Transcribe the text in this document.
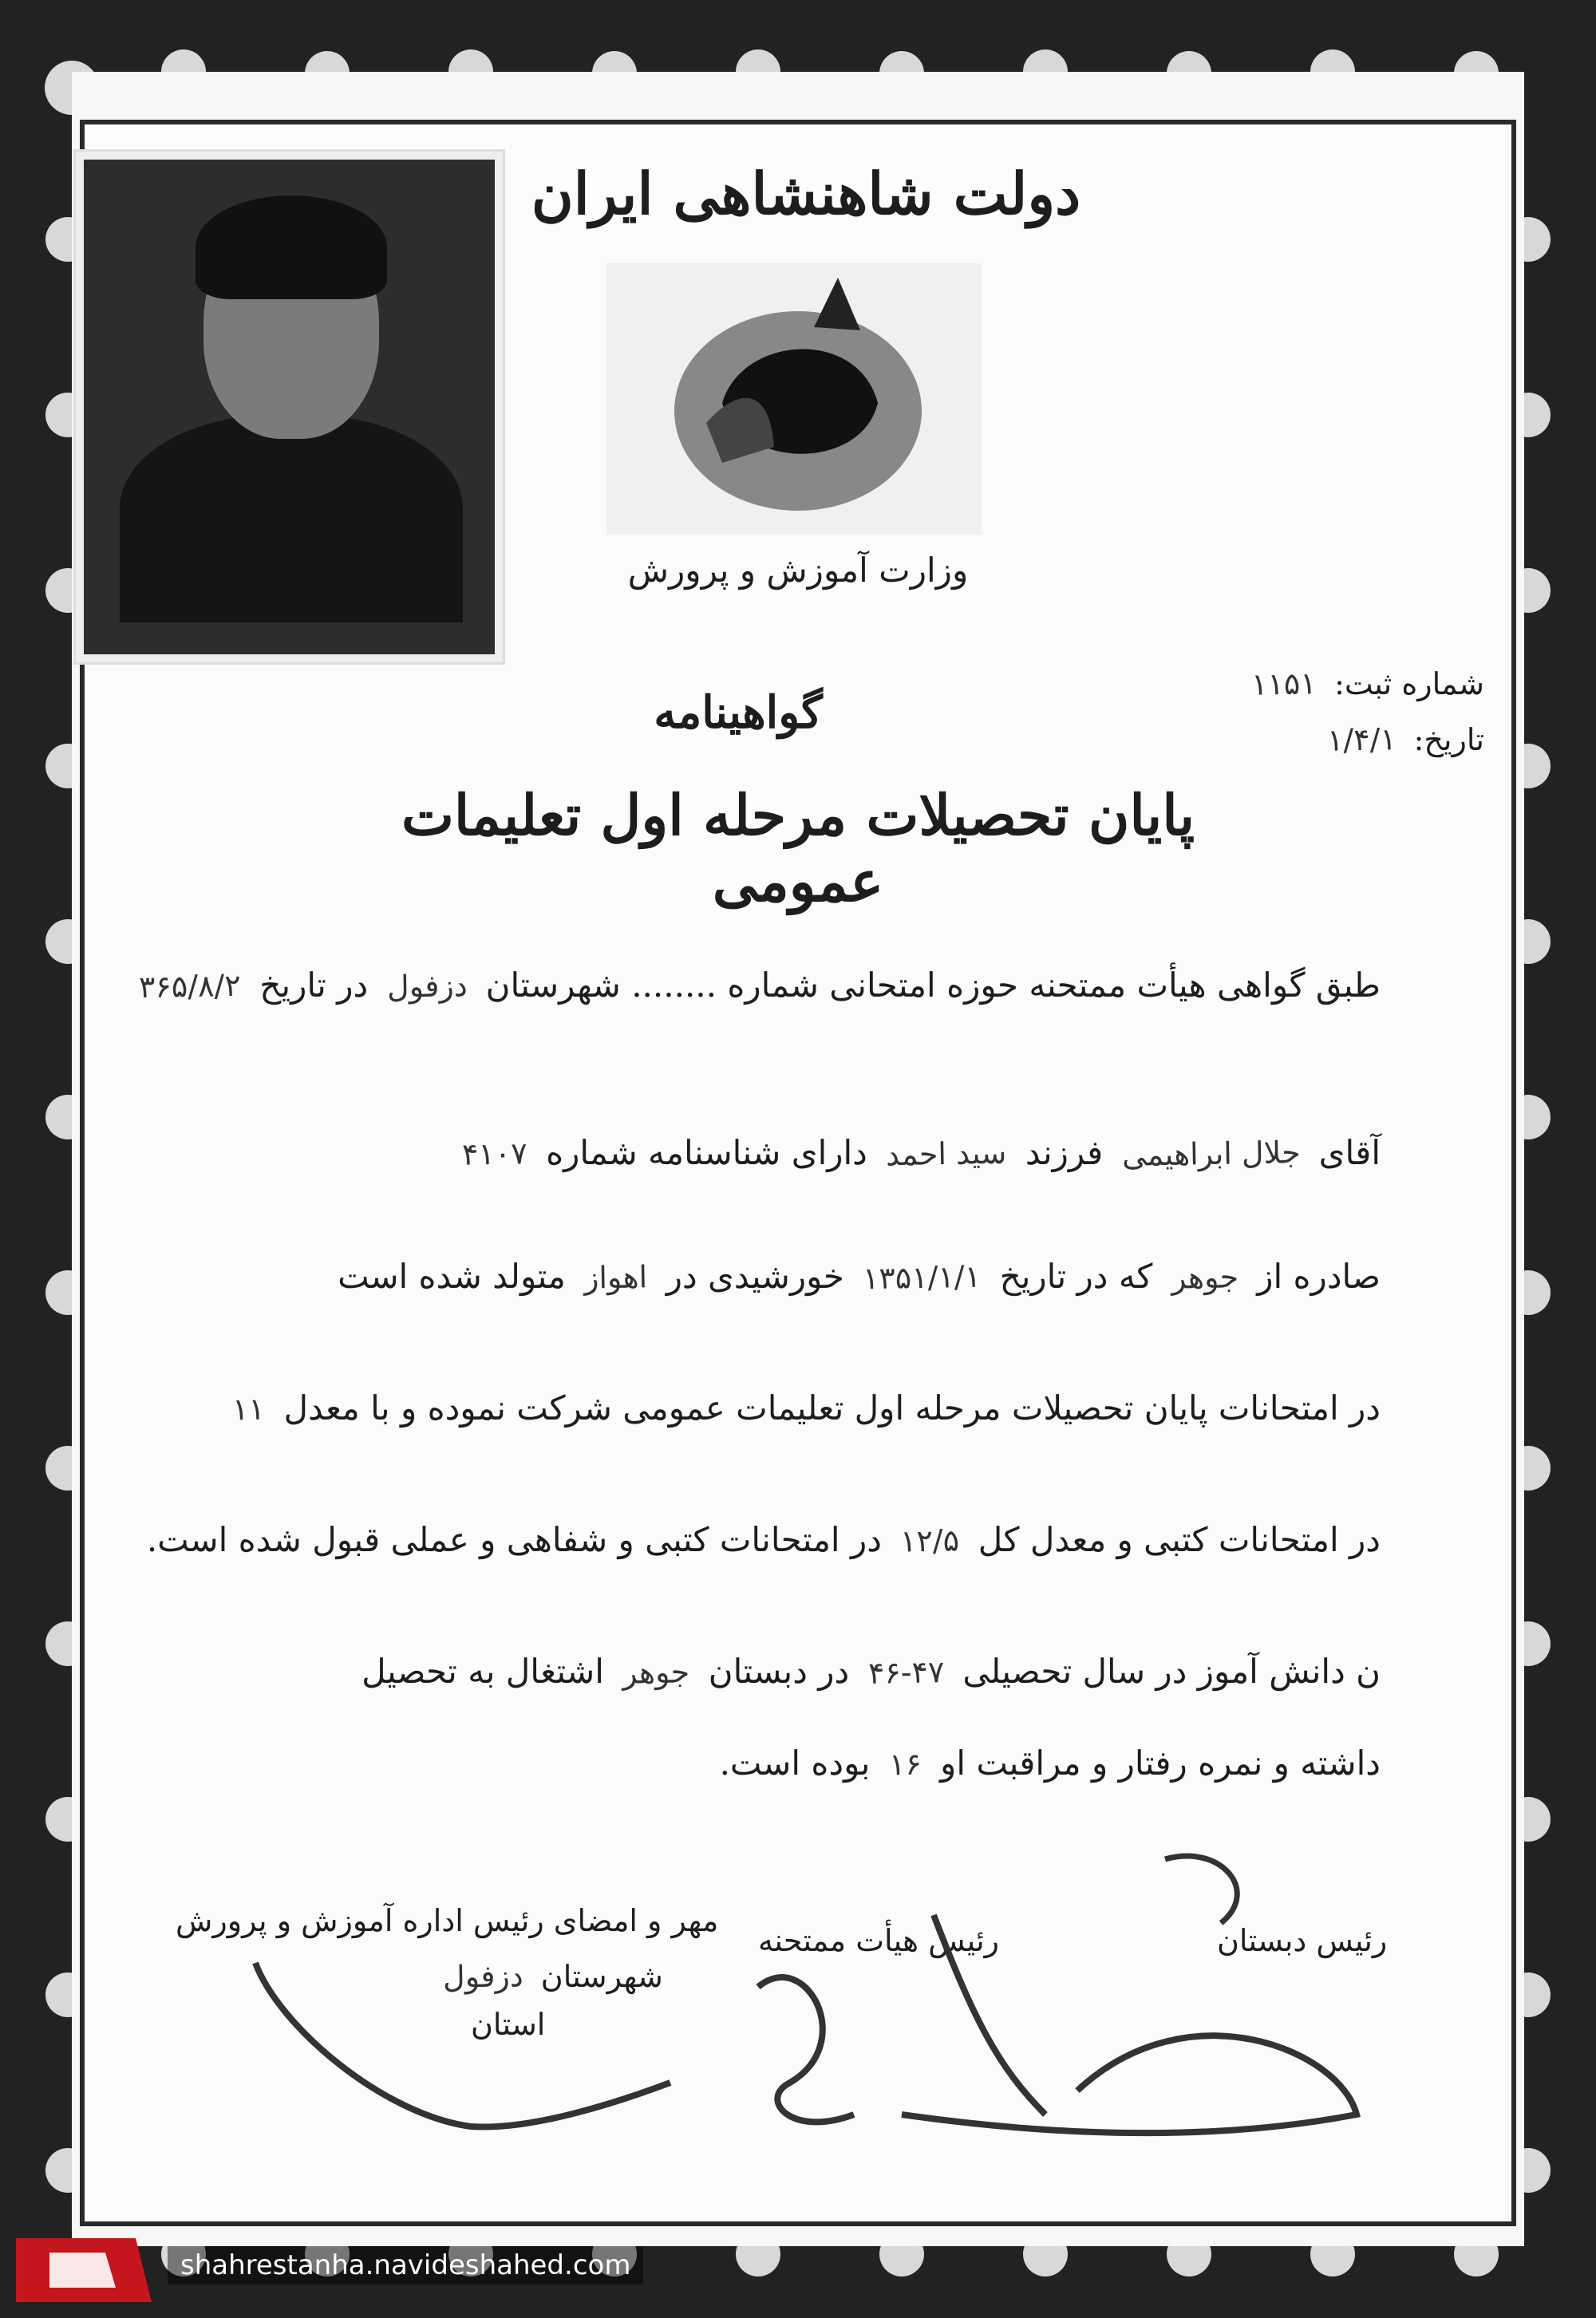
دولت شاهنشاهی ایران
وزارت آموزش و پرورش
شماره ثبت: ۱۱۵۱
تاریخ: ۱/۴/۱
گواهینامه
پایان تحصیلات مرحله اول تعلیمات عمومی
طبق گواهی هیأت ممتحنه حوزه امتحانی شماره ........ شهرستان دزفول در تاریخ ۳۶۵/۸/۲
آقای جلال ابراهیمی فرزند سید احمد دارای شناسنامه شماره ۴۱۰۷
صادره از جوهر که در تاریخ ۱۳۵۱/۱/۱ خورشیدی در اهواز متولد شده است
در امتحانات پایان تحصیلات مرحله اول تعلیمات عمومی شرکت نموده و با معدل ۱۱
در امتحانات کتبی و معدل کل ۱۲/۵ در امتحانات کتبی و شفاهی و عملی قبول شده است.
ن دانش آموز در سال تحصیلی ۴۶-۴۷ در دبستان جوهر اشتغال به تحصیل
داشته و نمره رفتار و مراقبت او ۱۶ بوده است.
مهر و امضای رئیس اداره آموزش و پرورش
شهرستان دزفول
استان
رئیس هیأت ممتحنه	رئیس دبستان
shahrestanha.navideshahed.com
